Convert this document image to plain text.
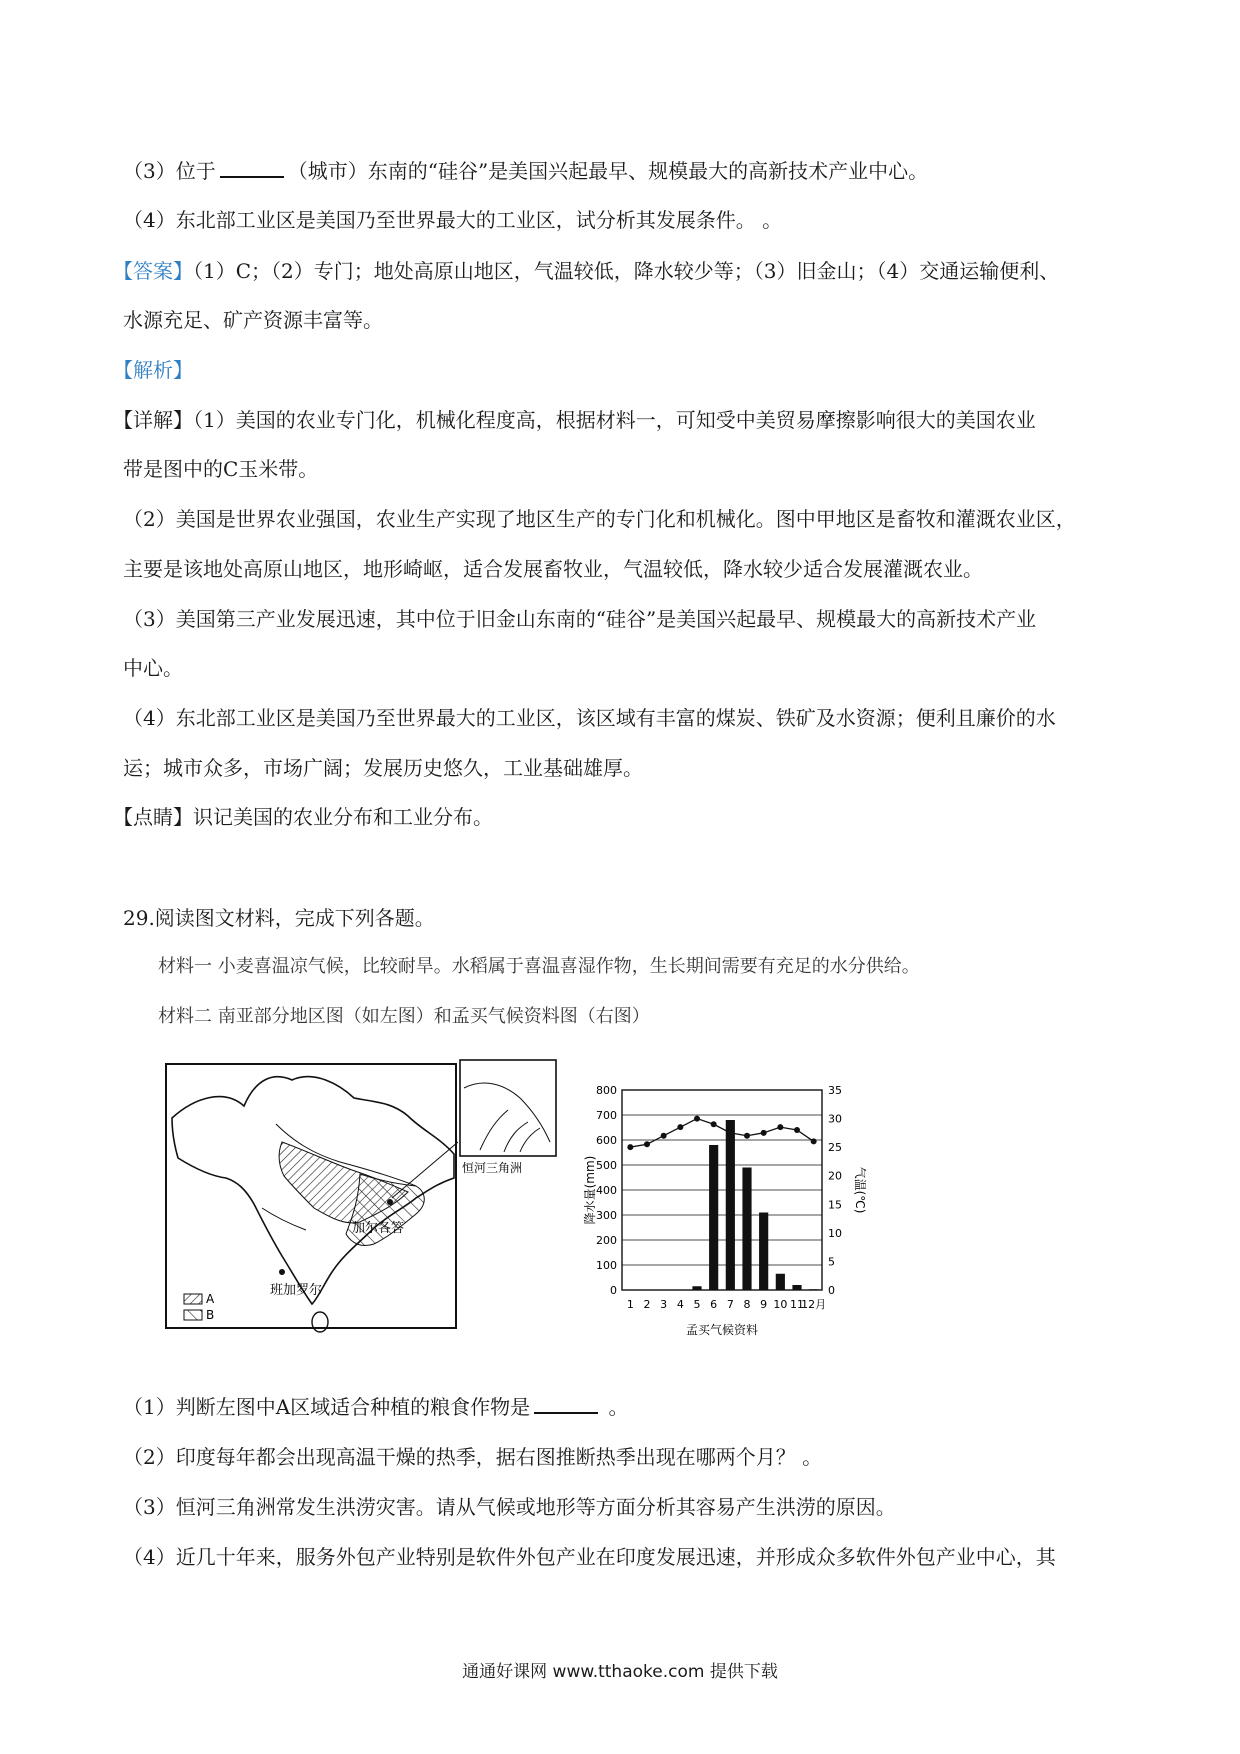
（3）位于	（城市）东南的“硅谷”是美国兴起最早、规模最大的高新技术产业中心。
（4）东北部工业区是美国乃至世界最大的工业区，试分析其发展条件。 。
【答案】（1）C；（2）专门；地处高原山地区，气温较低，降水较少等；（3）旧金山；（4）交通运输便利、
水源充足、矿产资源丰富等。
【解析】
【详解】（1）美国的农业专门化，机械化程度高，根据材料一，可知受中美贸易摩擦影响很大的美国农业
带是图中的C玉米带。
（2）美国是世界农业强国，农业生产实现了地区生产的专门化和机械化。图中甲地区是畜牧和灌溉农业区，
主要是该地处高原山地区，地形崎岖，适合发展畜牧业，气温较低，降水较少适合发展灌溉农业。
（3）美国第三产业发展迅速，其中位于旧金山东南的“硅谷”是美国兴起最早、规模最大的高新技术产业
中心。
（4）东北部工业区是美国乃至世界最大的工业区，该区域有丰富的煤炭、铁矿及水资源；便利且廉价的水
运；城市众多，市场广阔；发展历史悠久，工业基础雄厚。
【点睛】识记美国的农业分布和工业分布。
29.阅读图文材料，完成下列各题。
材料一 小麦喜温凉气候，比较耐旱。水稻属于喜温喜湿作物，生长期间需要有充足的水分供给。
材料二 南亚部分地区图（如左图）和孟买气候资料图（右图）
加尔各答
班加罗尔
A
B
恒河三角洲
0
100
200
300
400
500
600
700
800
0
5
10
15
20
25
30
35
1 2 3 4 5 6 7 8 9 10 11
12月
降水量(mm)	气温(℃)
孟买气候资料
（1）判断左图中A区域适合种植的粮食作物是	。
（2）印度每年都会出现高温干燥的热季，据右图推断热季出现在哪两个月？ 。
（3）恒河三角洲常发生洪涝灾害。请从气候或地形等方面分析其容易产生洪涝的原因。
（4）近几十年来，服务外包产业特别是软件外包产业在印度发展迅速，并形成众多软件外包产业中心，其
通通好课网 www.tthaoke.com 提供下载
